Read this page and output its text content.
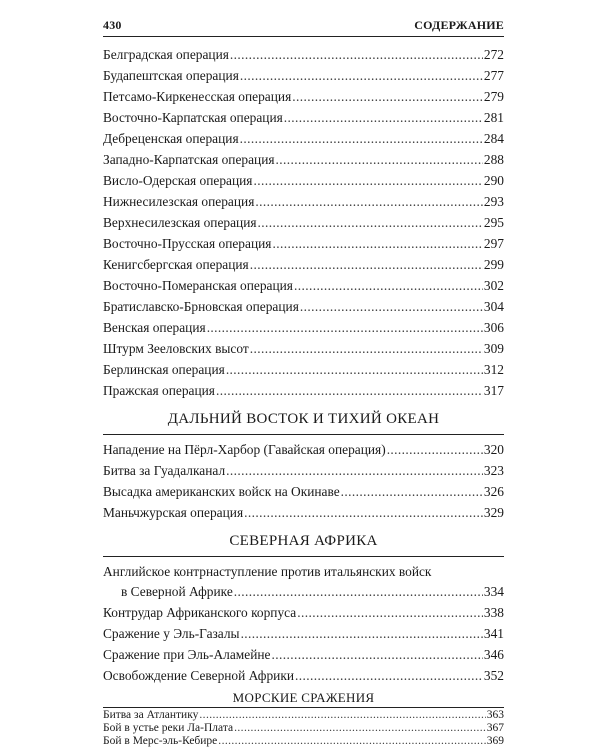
430	СОДЕРЖАНИЕ
Белградская операция .....	272
Будапештская операция .....	277
Петсамо-Киркенесская операция .....	279
Восточно-Карпатская операция .....	281
Дебреценская операция .....	284
Западно-Карпатская операция .....	288
Висло-Одерская операция .....	290
Нижнесилезская операция .....	293
Верхнесилезская операция .....	295
Восточно-Прусская операция .....	297
Кенигсбергская операция .....	299
Восточно-Померанская операция .....	302
Братиславско-Брновская операция .....	304
Венская операция .....	306
Штурм Зееловских высот .....	309
Берлинская операция .....	312
Пражская операция .....	317
ДАЛЬНИЙ ВОСТОК И ТИХИЙ ОКЕАН
Нападение на Пёрл-Харбор (Гавайская операция) .....	320
Битва за Гуадалканал .....	323
Высадка американских войск на Окинаве .....	326
Маньчжурская операция .....	329
СЕВЕРНАЯ АФРИКА
Английское контрнаступление против итальянских войск
в Северной Африке .....	334
Контрудар Африканского корпуса .....	338
Сражение у Эль-Газалы .....	341
Сражение при Эль-Аламейне .....	346
Освобождение Северной Африки .....	352
МОРСКИЕ СРАЖЕНИЯ
Битва за Атлантику .....	363
Бой в устье реки Ла-Плата .....	367
Бой в Мерс-эль-Кебире .....	369
